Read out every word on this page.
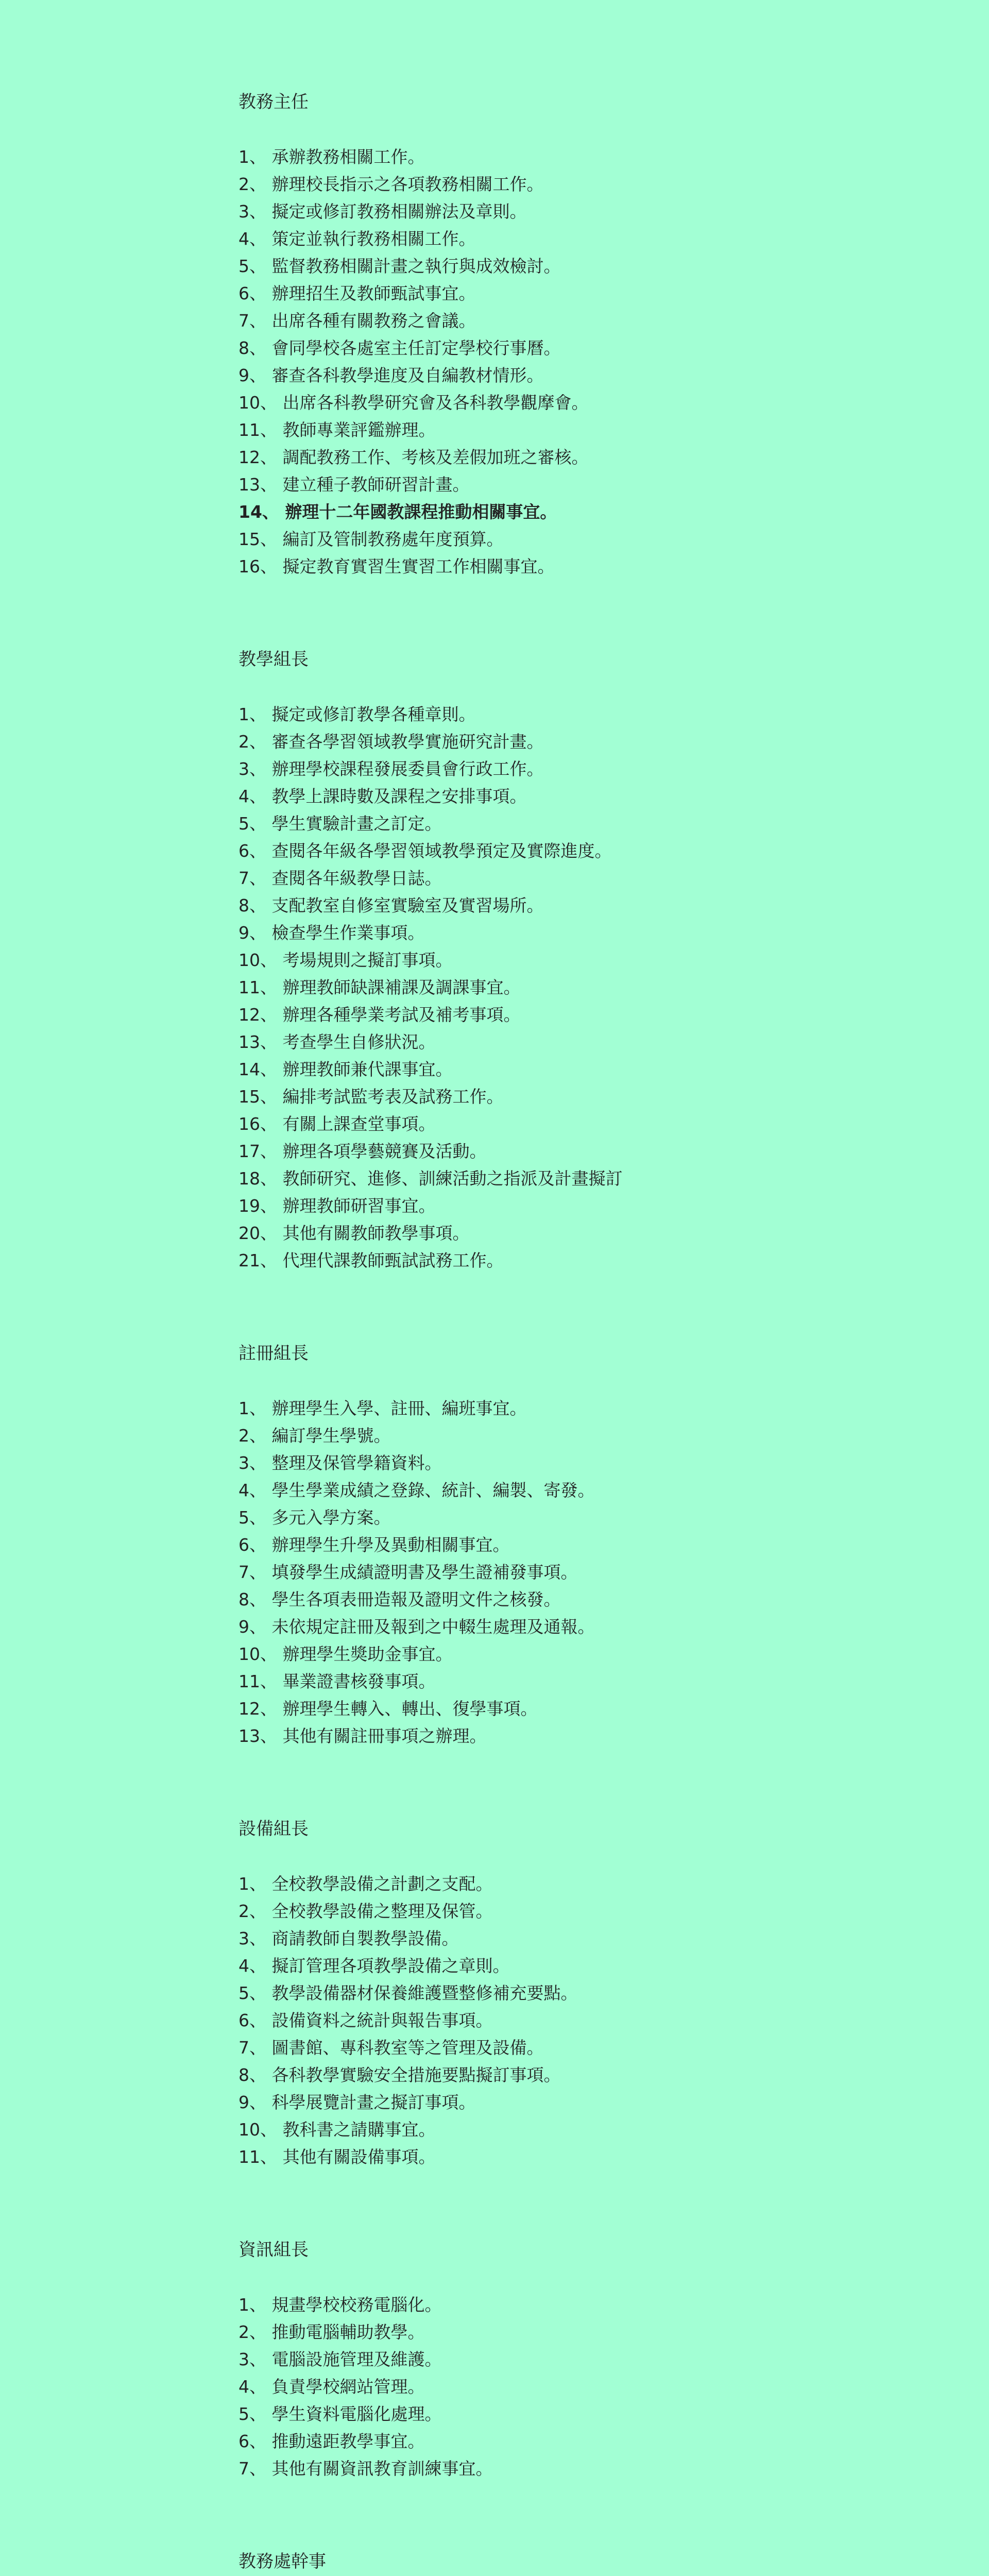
教務主任
1、 承辦教務相關工作。
2、 辦理校長指示之各項教務相關工作。
3、 擬定或修訂教務相關辦法及章則。
4、 策定並執行教務相關工作。
5、 監督教務相關計畫之執行與成效檢討。
6、 辦理招生及教師甄試事宜。
7、 出席各種有關教務之會議。
8、 會同學校各處室主任訂定學校行事曆。
9、 審查各科教學進度及自編教材情形。
10、 出席各科教學研究會及各科教學觀摩會。
11、 教師專業評鑑辦理。
12、 調配教務工作、考核及差假加班之審核。
13、 建立種子教師研習計畫。
14、 辦理十二年國教課程推動相關事宜。
15、 編訂及管制教務處年度預算。
16、 擬定教育實習生實習工作相關事宜。
教學組長
1、 擬定或修訂教學各種章則。
2、 審查各學習領域教學實施研究計畫。
3、 辦理學校課程發展委員會行政工作。
4、 教學上課時數及課程之安排事項。
5、 學生實驗計畫之訂定。
6、 查閱各年級各學習領域教學預定及實際進度。
7、 查閱各年級教學日誌。
8、 支配教室自修室實驗室及實習場所。
9、 檢查學生作業事項。
10、 考場規則之擬訂事項。
11、 辦理教師缺課補課及調課事宜。
12、 辦理各種學業考試及補考事項。
13、 考查學生自修狀況。
14、 辦理教師兼代課事宜。
15、 編排考試監考表及試務工作。
16、 有關上課查堂事項。
17、 辦理各項學藝競賽及活動。
18、 教師研究、進修、訓練活動之指派及計畫擬訂
19、 辦理教師研習事宜。
20、 其他有關教師教學事項。
21、 代理代課教師甄試試務工作。
註冊組長
1、 辦理學生入學、註冊、編班事宜。
2、 編訂學生學號。
3、 整理及保管學籍資料。
4、 學生學業成績之登錄、統計、編製、寄發。
5、 多元入學方案。
6、 辦理學生升學及異動相關事宜。
7、 填發學生成績證明書及學生證補發事項。
8、 學生各項表冊造報及證明文件之核發。
9、 未依規定註冊及報到之中輟生處理及通報。
10、 辦理學生獎助金事宜。
11、 畢業證書核發事項。
12、 辦理學生轉入、轉出、復學事項。
13、 其他有關註冊事項之辦理。
設備組長
1、 全校教學設備之計劃之支配。
2、 全校教學設備之整理及保管。
3、 商請教師自製教學設備。
4、 擬訂管理各項教學設備之章則。
5、 教學設備器材保養維護暨整修補充要點。
6、 設備資料之統計與報告事項。
7、 圖書館、專科教室等之管理及設備。
8、 各科教學實驗安全措施要點擬訂事項。
9、 科學展覽計畫之擬訂事項。
10、 教科書之請購事宜。
11、 其他有關設備事項。
資訊組長
1、 規畫學校校務電腦化。
2、 推動電腦輔助教學。
3、 電腦設施管理及維護。
4、 負責學校網站管理。
5、 學生資料電腦化處理。
6、 推動遠距教學事宜。
7、 其他有關資訊教育訓練事宜。
教務處幹事
